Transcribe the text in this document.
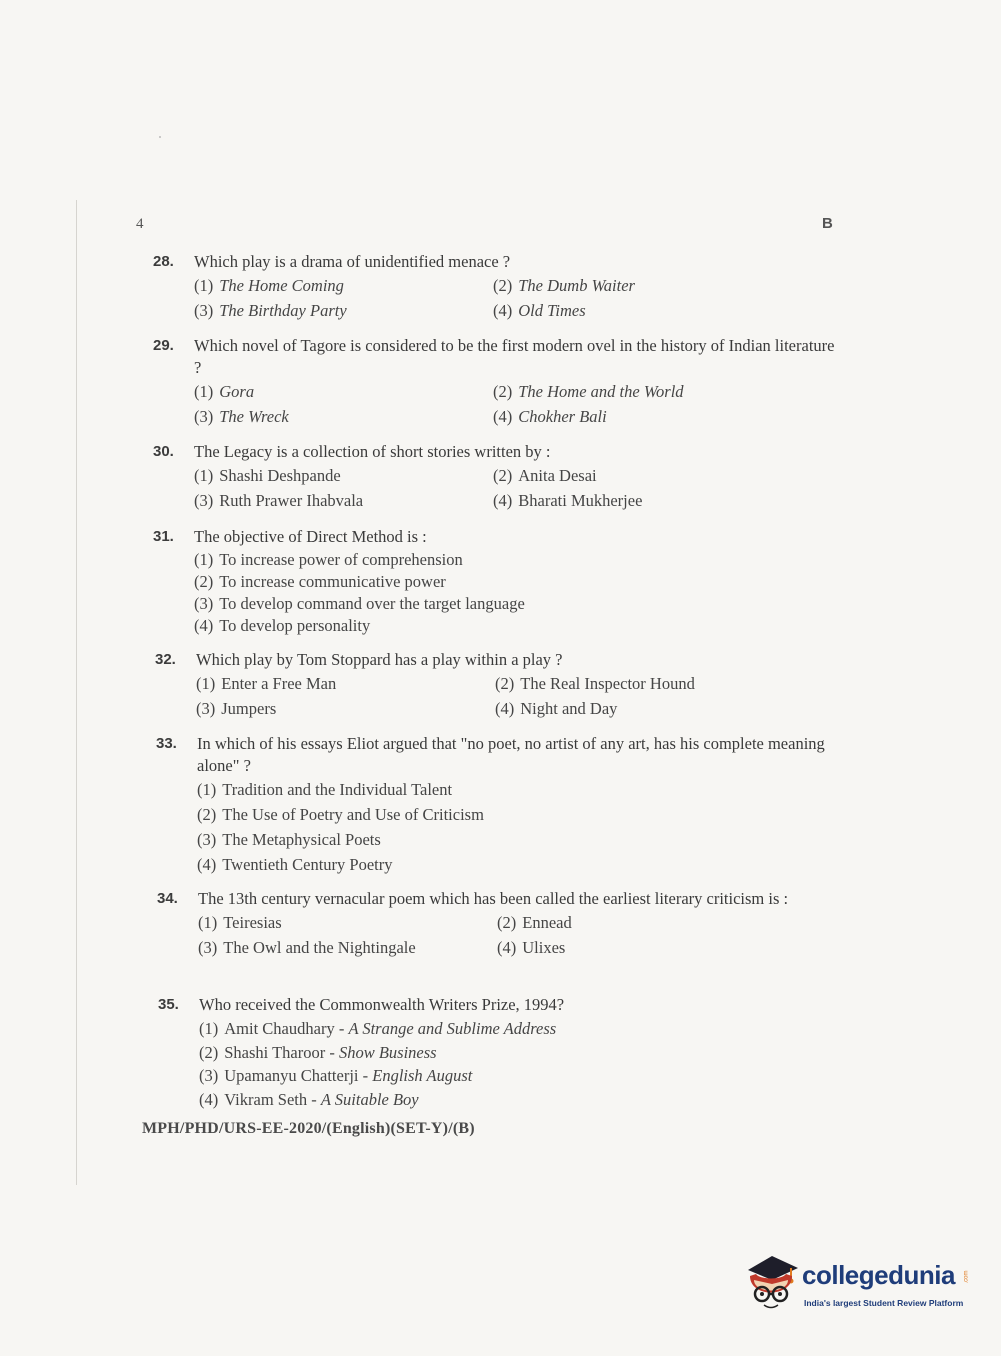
4	B
28. Which play is a drama of unidentified menace ?
(1) The Home Coming	(2) The Dumb Waiter
(3) The Birthday Party	(4) Old Times
29. Which novel of Tagore is considered to be the first modern ovel in the history of Indian literature ?
(1) Gora	(2) The Home and the World
(3) The Wreck	(4) Chokher Bali
30. The Legacy is a collection of short stories written by :
(1) Shashi Deshpande	(2) Anita Desai
(3) Ruth Prawer Ihabvala	(4) Bharati Mukherjee
31. The objective of Direct Method is :
(1) To increase power of comprehension
(2) To increase communicative power
(3) To develop command over the target language
(4) To develop personality
32. Which play by Tom Stoppard has a play within a play ?
(1) Enter a Free Man	(2) The Real Inspector Hound
(3) Jumpers	(4) Night and Day
33. In which of his essays Eliot argued that "no poet, no artist of any art, has his complete meaning alone" ?
(1) Tradition and the Individual Talent
(2) The Use of Poetry and Use of Criticism
(3) The Metaphysical Poets
(4) Twentieth Century Poetry
34. The 13th century vernacular poem which has been called the earliest literary criticism is :
(1) Teiresias	(2) Ennead
(3) The Owl and the Nightingale	(4) Ulixes
35. Who received the Commonwealth Writers Prize, 1994?
(1) Amit Chaudhary - A Strange and Sublime Address
(2) Shashi Tharoor - Show Business
(3) Upamanyu Chatterji - English August
(4) Vikram Seth - A Suitable Boy
MPH/PHD/URS-EE-2020/(English)(SET-Y)/(B)
collegedunia .com
India's largest Student Review Platform
